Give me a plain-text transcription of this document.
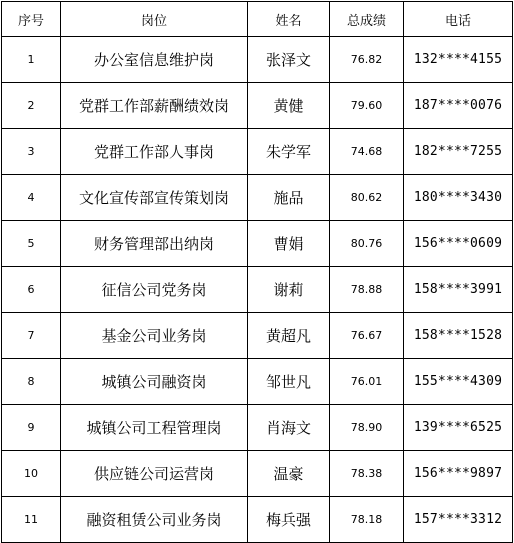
序号	岗位	姓名	总成绩	电话
1	办公室信息维护岗	张泽文	76.82	132****4155
2	党群工作部薪酬绩效岗	黄健	79.60	187****0076
3	党群工作部人事岗	朱学军	74.68	182****7255
4	文化宣传部宣传策划岗	施品	80.62	180****3430
5	财务管理部出纳岗	曹娟	80.76	156****0609
6	征信公司党务岗	谢莉	78.88	158****3991
7	基金公司业务岗	黄超凡	76.67	158****1528
8	城镇公司融资岗	邹世凡	76.01	155****4309
9	城镇公司工程管理岗	肖海文	78.90	139****6525
10	供应链公司运营岗	温豪	78.38	156****9897
11	融资租赁公司业务岗	梅兵强	78.18	157****3312
